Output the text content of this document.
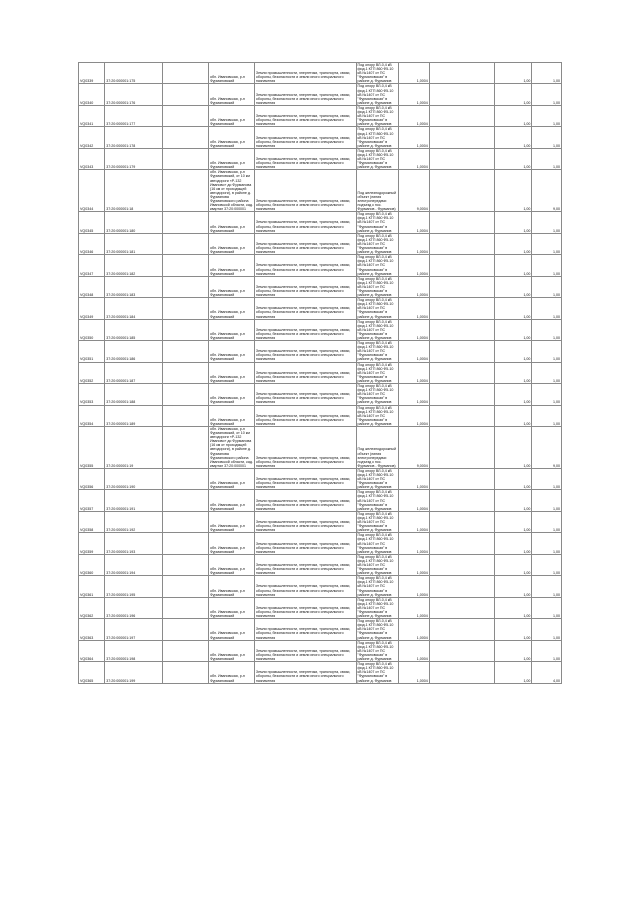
VQ0339	37:20:000001:175		обл. Ивановская, р-н Фурмановский	Земли промышленности, энергетики, транспорта, связи, обороны, безопасности и земли иного специального назначения	Под опору ВЛ-0,4 кВ фид.1 КТП 860 Ф5-10 кВ №1407 от ПС "Фурмановская" в районе д. Фурманов	1,0004		1,00	1,00
VQ0340	37:20:000001:176		обл. Ивановская, р-н Фурмановский	Земли промышленности, энергетики, транспорта, связи, обороны, безопасности и земли иного специального назначения	Под опору ВЛ-0,4 кВ фид.1 КТП 860 Ф5-10 кВ №1407 от ПС "Фурмановская" в районе д. Фурманов	1,0004		1,00	1,00
VQ0341	37:20:000001:177		обл. Ивановская, р-н Фурмановский	Земли промышленности, энергетики, транспорта, связи, обороны, безопасности и земли иного специального назначения	Под опору ВЛ-0,4 кВ фид.1 КТП 860 Ф5-10 кВ №1407 от ПС "Фурмановская" в районе д. Фурманов	1,0004		1,00	1,00
VQ0342	37:20:000001:178		обл. Ивановская, р-н Фурмановский	Земли промышленности, энергетики, транспорта, связи, обороны, безопасности и земли иного специального назначения	Под опору ВЛ-0,4 кВ фид.1 КТП 860 Ф5-10 кВ №1407 от ПС "Фурмановская" в районе д. Фурманов	1,0004		1,00	1,00
VQ0343	37:20:000001:179		обл. Ивановская, р-н Фурмановский	Земли промышленности, энергетики, транспорта, связи, обороны, безопасности и земли иного специального назначения	Под опору ВЛ-0,4 кВ фид.1 КТП 860 Ф5-10 кВ №1407 от ПС "Фурмановская" в районе д. Фурманов	1,0004		1,00	1,00
VQ0344	37:20:000001:18		обл. Ивановская, р-н Фурмановский, от 10 км автодороги «Р-132 Иваново» до Фурманова (16 км от проходящей автодороги), в районе д. Фурманова Фурмановского района Ивановской области, кад. квартал 37:20:000001	Земли промышленности, энергетики, транспорта, связи, обороны, безопасности и земли иного специального назначения	Под железнодорожный объект (линия электропередачи подъезд к пос. Фурманов - Фурманов)	9,0004		1,00	9,00
VQ0345	37:20:000001:180		обл. Ивановская, р-н Фурмановский	Земли промышленности, энергетики, транспорта, связи, обороны, безопасности и земли иного специального назначения	Под опору ВЛ-0,4 кВ фид.1 КТП 860 Ф5-10 кВ №1407 от ПС "Фурмановская" в районе д. Фурманов	1,0004		1,00	1,00
VQ0346	37:20:000001:181		обл. Ивановская, р-н Фурмановский	Земли промышленности, энергетики, транспорта, связи, обороны, безопасности и земли иного специального назначения	Под опору ВЛ-0,4 кВ фид.1 КТП 860 Ф5-10 кВ №1407 от ПС "Фурмановская" в районе д. Фурманов	1,0004		1,00	1,00
VQ0347	37:20:000001:182		обл. Ивановская, р-н Фурмановский	Земли промышленности, энергетики, транспорта, связи, обороны, безопасности и земли иного специального назначения	Под опору ВЛ-0,4 кВ фид.1 КТП 860 Ф5-10 кВ №1407 от ПС "Фурмановская" в районе д. Фурманов	1,0004		1,00	1,00
VQ0348	37:20:000001:183		обл. Ивановская, р-н Фурмановский	Земли промышленности, энергетики, транспорта, связи, обороны, безопасности и земли иного специального назначения	Под опору ВЛ-0,4 кВ фид.1 КТП 860 Ф5-10 кВ №1407 от ПС "Фурмановская" в районе д. Фурманов	1,0004		1,00	1,00
VQ0349	37:20:000001:184		обл. Ивановская, р-н Фурмановский	Земли промышленности, энергетики, транспорта, связи, обороны, безопасности и земли иного специального назначения	Под опору ВЛ-0,4 кВ фид.1 КТП 860 Ф5-10 кВ №1407 от ПС "Фурмановская" в районе д. Фурманов	1,0004		1,00	1,00
VQ0350	37:20:000001:185		обл. Ивановская, р-н Фурмановский	Земли промышленности, энергетики, транспорта, связи, обороны, безопасности и земли иного специального назначения	Под опору ВЛ-0,4 кВ фид.1 КТП 860 Ф5-10 кВ №1407 от ПС "Фурмановская" в районе д. Фурманов	1,0004		1,00	1,00
VQ0351	37:20:000001:186		обл. Ивановская, р-н Фурмановский	Земли промышленности, энергетики, транспорта, связи, обороны, безопасности и земли иного специального назначения	Под опору ВЛ-0,4 кВ фид.1 КТП 860 Ф5-10 кВ №1407 от ПС "Фурмановская" в районе д. Фурманов	1,0004		1,00	1,00
VQ0352	37:20:000001:187		обл. Ивановская, р-н Фурмановский	Земли промышленности, энергетики, транспорта, связи, обороны, безопасности и земли иного специального назначения	Под опору ВЛ-0,4 кВ фид.1 КТП 860 Ф5-10 кВ №1407 от ПС "Фурмановская" в районе д. Фурманов	1,0004		1,00	1,00
VQ0353	37:20:000001:188		обл. Ивановская, р-н Фурмановский	Земли промышленности, энергетики, транспорта, связи, обороны, безопасности и земли иного специального назначения	Под опору ВЛ-0,4 кВ фид.1 КТП 860 Ф5-10 кВ №1407 от ПС "Фурмановская" в районе д. Фурманов	1,0004		1,00	1,00
VQ0354	37:20:000001:189		обл. Ивановская, р-н Фурмановский	Земли промышленности, энергетики, транспорта, связи, обороны, безопасности и земли иного специального назначения	Под опору ВЛ-0,4 кВ фид.1 КТП 860 Ф5-10 кВ №1407 от ПС "Фурмановская" в районе д. Фурманов	1,0004		1,00	1,00
VQ0355	37:20:000001:19		обл. Ивановская, р-н Фурмановский, от 10 км автодороги «Р-132 Иваново» до Фурманова (16 км от проходящей автодороги), в районе д. Фурманова Фурмановского района Ивановской области, кад. квартал 37:20:000001	Земли промышленности, энергетики, транспорта, связи, обороны, безопасности и земли иного специального назначения	Под железнодорожный объект (линия электропередачи подъезд к пос. Фурманов - Фурманов)	9,0004		1,00	9,00
VQ0356	37:20:000001:190		обл. Ивановская, р-н Фурмановский	Земли промышленности, энергетики, транспорта, связи, обороны, безопасности и земли иного специального назначения	Под опору ВЛ-0,4 кВ фид.1 КТП 860 Ф5-10 кВ №1407 от ПС "Фурмановская" в районе д. Фурманов	1,0004		1,00	1,00
VQ0357	37:20:000001:191		обл. Ивановская, р-н Фурмановский	Земли промышленности, энергетики, транспорта, связи, обороны, безопасности и земли иного специального назначения	Под опору ВЛ-0,4 кВ фид.1 КТП 860 Ф5-10 кВ №1407 от ПС "Фурмановская" в районе д. Фурманов	1,0004		1,00	1,00
VQ0358	37:20:000001:192		обл. Ивановская, р-н Фурмановский	Земли промышленности, энергетики, транспорта, связи, обороны, безопасности и земли иного специального назначения	Под опору ВЛ-0,4 кВ фид.1 КТП 860 Ф5-10 кВ №1407 от ПС "Фурмановская" в районе д. Фурманов	1,0004		1,00	1,00
VQ0359	37:20:000001:193		обл. Ивановская, р-н Фурмановский	Земли промышленности, энергетики, транспорта, связи, обороны, безопасности и земли иного специального назначения	Под опору ВЛ-0,4 кВ фид.1 КТП 860 Ф5-10 кВ №1407 от ПС "Фурмановская" в районе д. Фурманов	1,0004		1,00	1,00
VQ0360	37:20:000001:194		обл. Ивановская, р-н Фурмановский	Земли промышленности, энергетики, транспорта, связи, обороны, безопасности и земли иного специального назначения	Под опору ВЛ-0,4 кВ фид.1 КТП 860 Ф5-10 кВ №1407 от ПС "Фурмановская" в районе д. Фурманов	1,0004		1,00	1,00
VQ0361	37:20:000001:195		обл. Ивановская, р-н Фурмановский	Земли промышленности, энергетики, транспорта, связи, обороны, безопасности и земли иного специального назначения	Под опору ВЛ-0,4 кВ фид.1 КТП 860 Ф5-10 кВ №1407 от ПС "Фурмановская" в районе д. Фурманов	1,0004		1,00	1,00
VQ0362	37:20:000001:196		обл. Ивановская, р-н Фурмановский	Земли промышленности, энергетики, транспорта, связи, обороны, безопасности и земли иного специального назначения	Под опору ВЛ-0,4 кВ фид.1 КТП 860 Ф5-10 кВ №1407 от ПС "Фурмановская" в районе д. Фурманов	1,0004		1,00	1,00
VQ0363	37:20:000001:197		обл. Ивановская, р-н Фурмановский	Земли промышленности, энергетики, транспорта, связи, обороны, безопасности и земли иного специального назначения	Под опору ВЛ-0,4 кВ фид.1 КТП 860 Ф5-10 кВ №1407 от ПС "Фурмановская" в районе д. Фурманов	1,0004		1,00	1,00
VQ0364	37:20:000001:198		обл. Ивановская, р-н Фурмановский	Земли промышленности, энергетики, транспорта, связи, обороны, безопасности и земли иного специального назначения	Под опору ВЛ-0,4 кВ фид.1 КТП 860 Ф5-10 кВ №1407 от ПС "Фурмановская" в районе д. Фурманов	1,0004		1,00	1,00
VQ0365	37:20:000001:199		обл. Ивановская, р-н Фурмановский	Земли промышленности, энергетики, транспорта, связи, обороны, безопасности и земли иного специального назначения	Под опору ВЛ-0,4 кВ фид.1 КТП 860 Ф5-10 кВ №1407 от ПС "Фурмановская" в районе д. Фурманов	1,0004		1,00	4,00
